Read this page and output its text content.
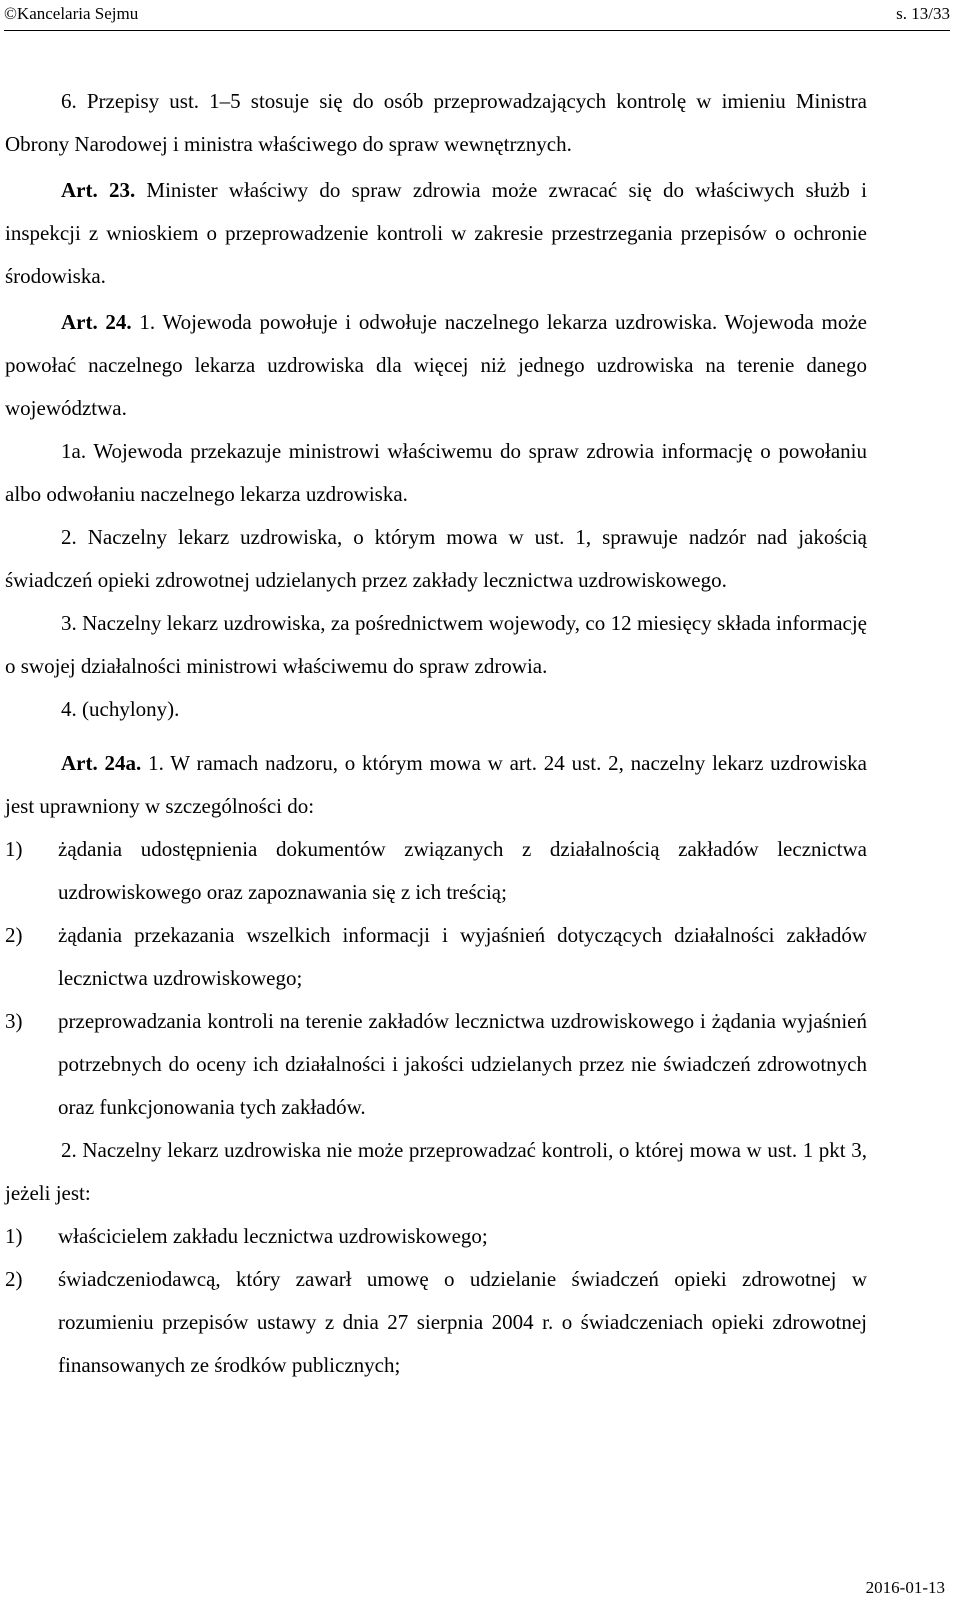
©Kancelaria Sejmu	s. 13/33

6. Przepisy ust. 1–5 stosuje się do osób przeprowadzających kontrolę w imieniu Ministra Obrony Narodowej i ministra właściwego do spraw wewnętrznych.

Art. 23. Minister właściwy do spraw zdrowia może zwracać się do właściwych służb i inspekcji z wnioskiem o przeprowadzenie kontroli w zakresie przestrzegania przepisów o ochronie środowiska.

Art. 24. 1. Wojewoda powołuje i odwołuje naczelnego lekarza uzdrowiska. Wojewoda może powołać naczelnego lekarza uzdrowiska dla więcej niż jednego uzdrowiska na terenie danego województwa.

1a. Wojewoda przekazuje ministrowi właściwemu do spraw zdrowia informację o powołaniu albo odwołaniu naczelnego lekarza uzdrowiska.

2. Naczelny lekarz uzdrowiska, o którym mowa w ust. 1, sprawuje nadzór nad jakością świadczeń opieki zdrowotnej udzielanych przez zakłady lecznictwa uzdrowiskowego.

3. Naczelny lekarz uzdrowiska, za pośrednictwem wojewody, co 12 miesięcy składa informację o swojej działalności ministrowi właściwemu do spraw zdrowia.

4. (uchylony).

Art. 24a. 1. W ramach nadzoru, o którym mowa w art. 24 ust. 2, naczelny lekarz uzdrowiska jest uprawniony w szczególności do:

1)	żądania udostępnienia dokumentów związanych z działalnością zakładów lecznictwa uzdrowiskowego oraz zapoznawania się z ich treścią;
2)	żądania przekazania wszelkich informacji i wyjaśnień dotyczących działalności zakładów lecznictwa uzdrowiskowego;
3)	przeprowadzania kontroli na terenie zakładów lecznictwa uzdrowiskowego i żądania wyjaśnień potrzebnych do oceny ich działalności i jakości udzielanych przez nie świadczeń zdrowotnych oraz funkcjonowania tych zakładów.

2. Naczelny lekarz uzdrowiska nie może przeprowadzać kontroli, o której mowa w ust. 1 pkt 3, jeżeli jest:

1)	właścicielem zakładu lecznictwa uzdrowiskowego;
2)	świadczeniodawcą, który zawarł umowę o udzielanie świadczeń opieki zdrowotnej w rozumieniu przepisów ustawy z dnia 27 sierpnia 2004 r. o świadczeniach opieki zdrowotnej finansowanych ze środków publicznych;
2016-01-13
